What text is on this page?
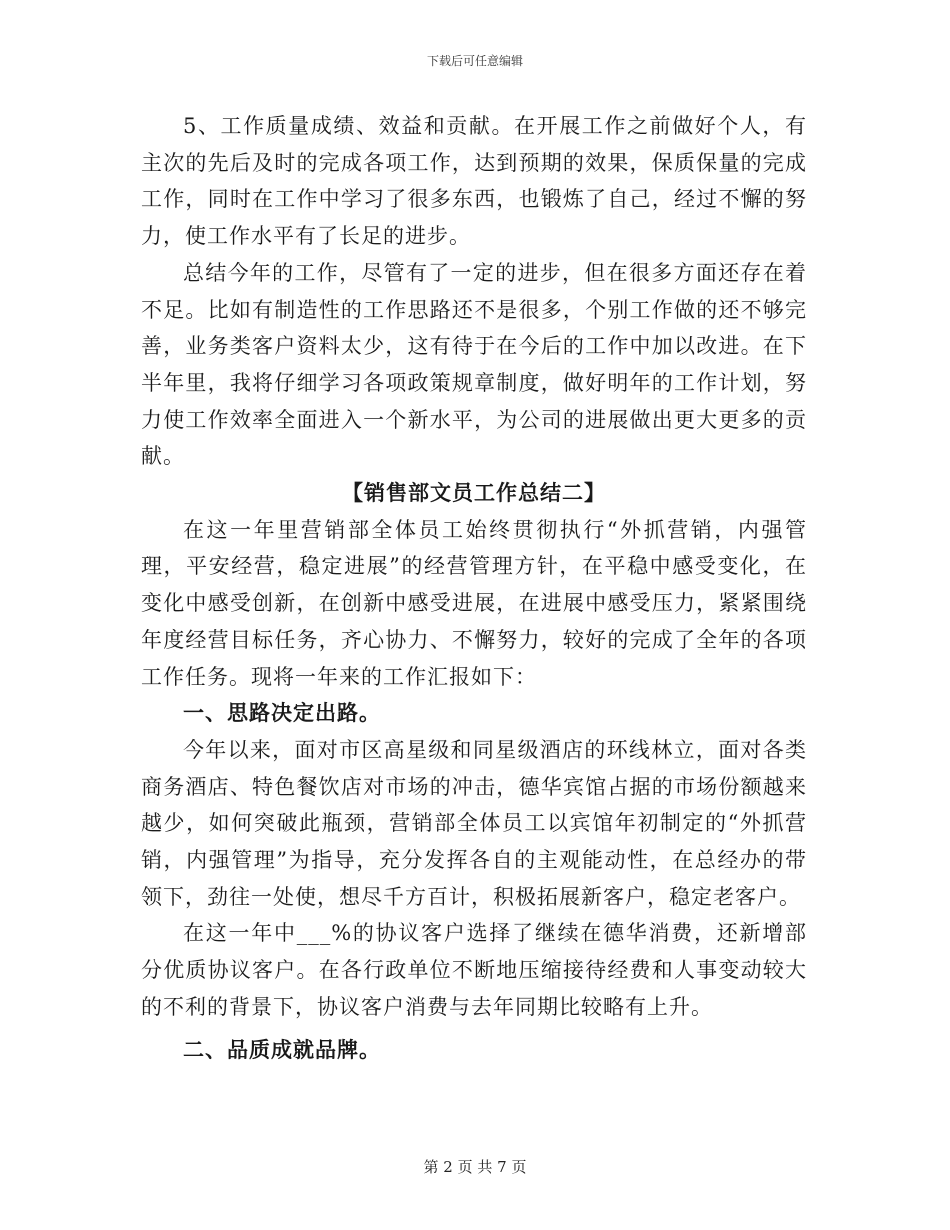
下载后可任意编辑

5、工作质量成绩、效益和贡献。在开展工作之前做好个人，有主次的先后及时的完成各项工作，达到预期的效果，保质保量的完成工作，同时在工作中学习了很多东西，也锻炼了自己，经过不懈的努力，使工作水平有了长足的进步。

总结今年的工作，尽管有了一定的进步，但在很多方面还存在着不足。比如有制造性的工作思路还不是很多，个别工作做的还不够完善，业务类客户资料太少，这有待于在今后的工作中加以改进。在下半年里，我将仔细学习各项政策规章制度，做好明年的工作计划，努力使工作效率全面进入一个新水平，为公司的进展做出更大更多的贡献。

【销售部文员工作总结二】

在这一年里营销部全体员工始终贯彻执行“外抓营销，内强管理，平安经营，稳定进展”的经营管理方针，在平稳中感受变化，在变化中感受创新，在创新中感受进展，在进展中感受压力，紧紧围绕年度经营目标任务，齐心协力、不懈努力，较好的完成了全年的各项工作任务。现将一年来的工作汇报如下：

一、思路决定出路。

今年以来，面对市区高星级和同星级酒店的环线林立，面对各类商务酒店、特色餐饮店对市场的冲击，德华宾馆占据的市场份额越来越少，如何突破此瓶颈，营销部全体员工以宾馆年初制定的“外抓营销，内强管理”为指导，充分发挥各自的主观能动性，在总经办的带领下，劲往一处使，想尽千方百计，积极拓展新客户，稳定老客户。

在这一年中___%的协议客户选择了继续在德华消费，还新增部分优质协议客户。在各行政单位不断地压缩接待经费和人事变动较大的不利的背景下，协议客户消费与去年同期比较略有上升。

二、品质成就品牌。

第 2 页 共 7 页
